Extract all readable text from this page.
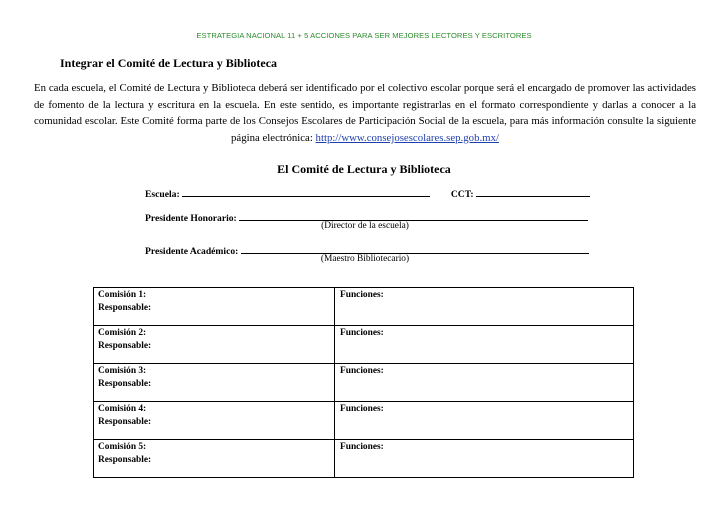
ESTRATEGIA NACIONAL 11 + 5 ACCIONES PARA SER MEJORES LECTORES Y ESCRITORES
Integrar el Comité de Lectura y Biblioteca
En cada escuela, el Comité de Lectura y Biblioteca deberá ser identificado por el colectivo escolar porque será el encargado de promover las actividades de fomento de la lectura y escritura en la escuela. En este sentido, es importante registrarlas en el formato correspondiente y darlas a conocer a la comunidad escolar. Este Comité forma parte de los Consejos Escolares de Participación Social de la escuela, para más información consulte la siguiente página electrónica: http://www.consejosescolares.sep.gob.mx/
El Comité de Lectura y Biblioteca
Escuela:	CCT:
Presidente Honorario:
(Director de la escuela)
Presidente Académico:
(Maestro Bibliotecario)
Comisión 1:
Responsable:
Funciones:
Comisión 2:
Responsable:
Funciones:
Comisión 3:
Responsable:
Funciones:
Comisión 4:
Responsable:
Funciones:
Comisión 5:
Responsable:
Funciones:
